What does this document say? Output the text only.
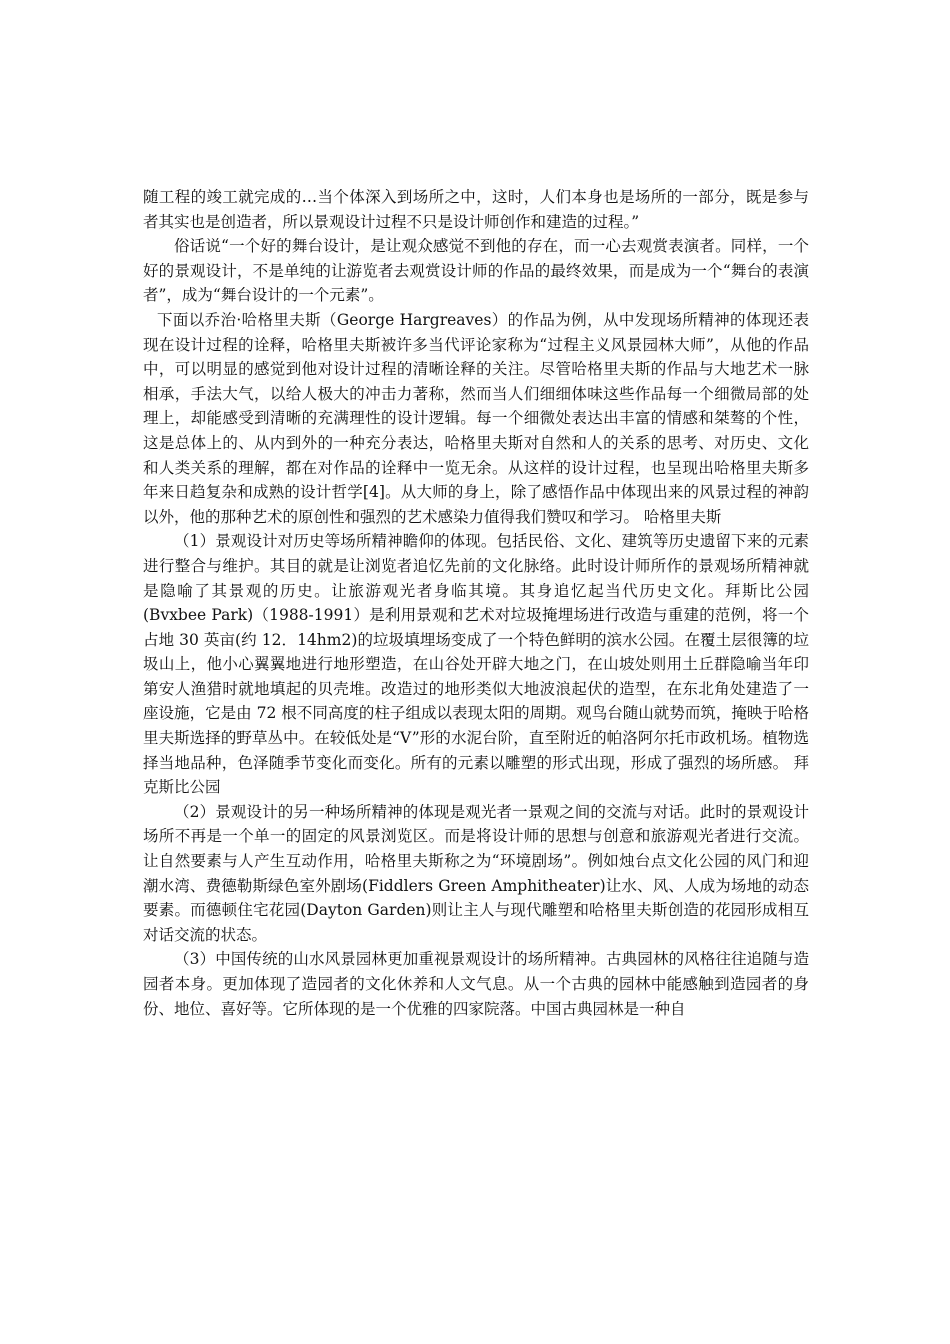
随工程的竣工就完成的…当个体深入到场所之中，这时，人们本身也是场所的一部分，既是参与者其实也是创造者，所以景观设计过程不只是设计师创作和建造的过程。”

俗话说“一个好的舞台设计，是让观众感觉不到他的存在，而一心去观赏表演者。同样，一个好的景观设计，不是单纯的让游览者去观赏设计师的作品的最终效果，而是成为一个“舞台的表演者”，成为“舞台设计的一个元素”。

下面以乔治·哈格里夫斯（George Hargreaves）的作品为例，从中发现场所精神的体现还表现在设计过程的诠释，哈格里夫斯被许多当代评论家称为“过程主义风景园林大师”，从他的作品中，可以明显的感觉到他对设计过程的清晰诠释的关注。尽管哈格里夫斯的作品与大地艺术一脉相承，手法大气，以给人极大的冲击力著称，然而当人们细细体味这些作品每一个细微局部的处理上，却能感受到清晰的充满理性的设计逻辑。每一个细微处表达出丰富的情感和桀骜的个性，这是总体上的、从内到外的一种充分表达，哈格里夫斯对自然和人的关系的思考、对历史、文化和人类关系的理解，都在对作品的诠释中一览无余。从这样的设计过程，也呈现出哈格里夫斯多年来日趋复杂和成熟的设计哲学[4]。从大师的身上，除了感悟作品中体现出来的风景过程的神韵以外，他的那种艺术的原创性和强烈的艺术感染力值得我们赞叹和学习。 哈格里夫斯

（1）景观设计对历史等场所精神瞻仰的体现。包括民俗、文化、建筑等历史遗留下来的元素进行整合与维护。其目的就是让浏览者追忆先前的文化脉络。此时设计师所作的景观场所精神就是隐喻了其景观的历史。让旅游观光者身临其境。其身追忆起当代历史文化。拜斯比公园(Bvxbee Park)（1988-1991）是利用景观和艺术对垃圾掩埋场进行改造与重建的范例，将一个占地 30 英亩(约 12．14hm2)的垃圾填埋场变成了一个特色鲜明的滨水公园。在覆土层很簿的垃圾山上，他小心翼翼地进行地形塑造，在山谷处开辟大地之门，在山坡处则用土丘群隐喻当年印第安人渔猎时就地填起的贝壳堆。改造过的地形类似大地波浪起伏的造型，在东北角处建造了一座设施，它是由 72 根不同高度的柱子组成以表现太阳的周期。观鸟台随山就势而筑，掩映于哈格里夫斯选择的野草丛中。在较低处是“V”形的水泥台阶，直至附近的帕洛阿尔托市政机场。植物选择当地品种，色泽随季节变化而变化。所有的元素以雕塑的形式出现，形成了强烈的场所感。 拜克斯比公园

（2）景观设计的另一种场所精神的体现是观光者一景观之间的交流与对话。此时的景观设计场所不再是一个单一的固定的风景浏览区。而是将设计师的思想与创意和旅游观光者进行交流。让自然要素与人产生互动作用，哈格里夫斯称之为“环境剧场”。例如烛台点文化公园的风门和迎潮水湾、费德勒斯绿色室外剧场(Fiddlers Green Amphitheater)让水、风、人成为场地的动态要素。而德顿住宅花园(Dayton Garden)则让主人与现代雕塑和哈格里夫斯创造的花园形成相互对话交流的状态。

（3）中国传统的山水风景园林更加重视景观设计的场所精神。古典园林的风格往往追随与造园者本身。更加体现了造园者的文化休养和人文气息。从一个古典的园林中能感触到造园者的身份、地位、喜好等。它所体现的是一个优雅的四家院落。中国古典园林是一种自
